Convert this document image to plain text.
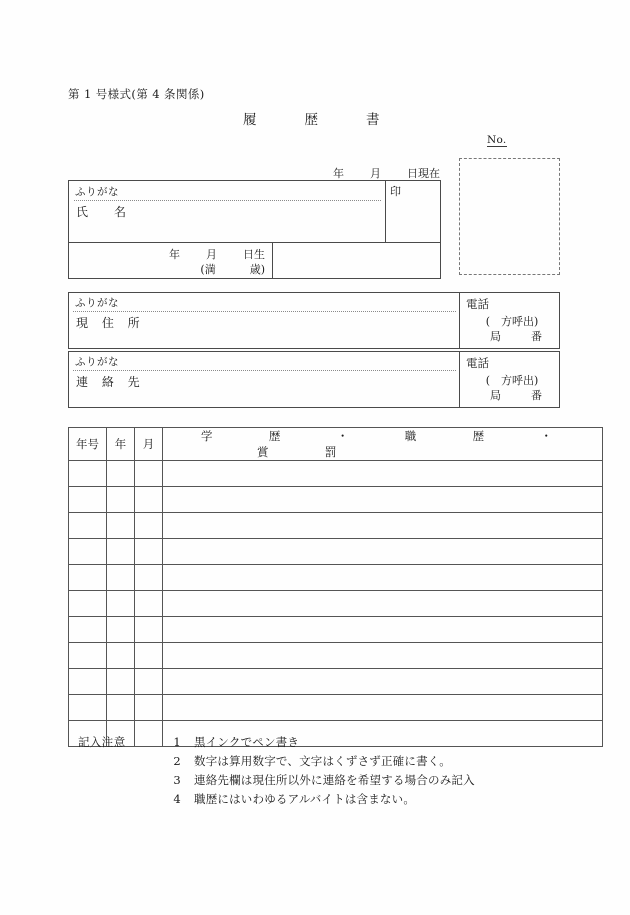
第 1 号様式(第 4 条関係)
履歴書
No.
年 月 日現在
ふりがな
氏　名
印
年 月 日生
(満	歳)
ふりがな
現 住 所
電話
(　方呼出)
局	番
ふりがな
連 絡 先
電話
(　方呼出)
局	番
年号	年	月	学 歴 ・ 職 歴 ・賞 罰

記入注意	1 黒インクでペン書き
2 数字は算用数字で、文字はくずさず正確に書く。
3 連絡先欄は現住所以外に連絡を希望する場合のみ記入
4 職歴にはいわゆるアルバイトは含まない。
